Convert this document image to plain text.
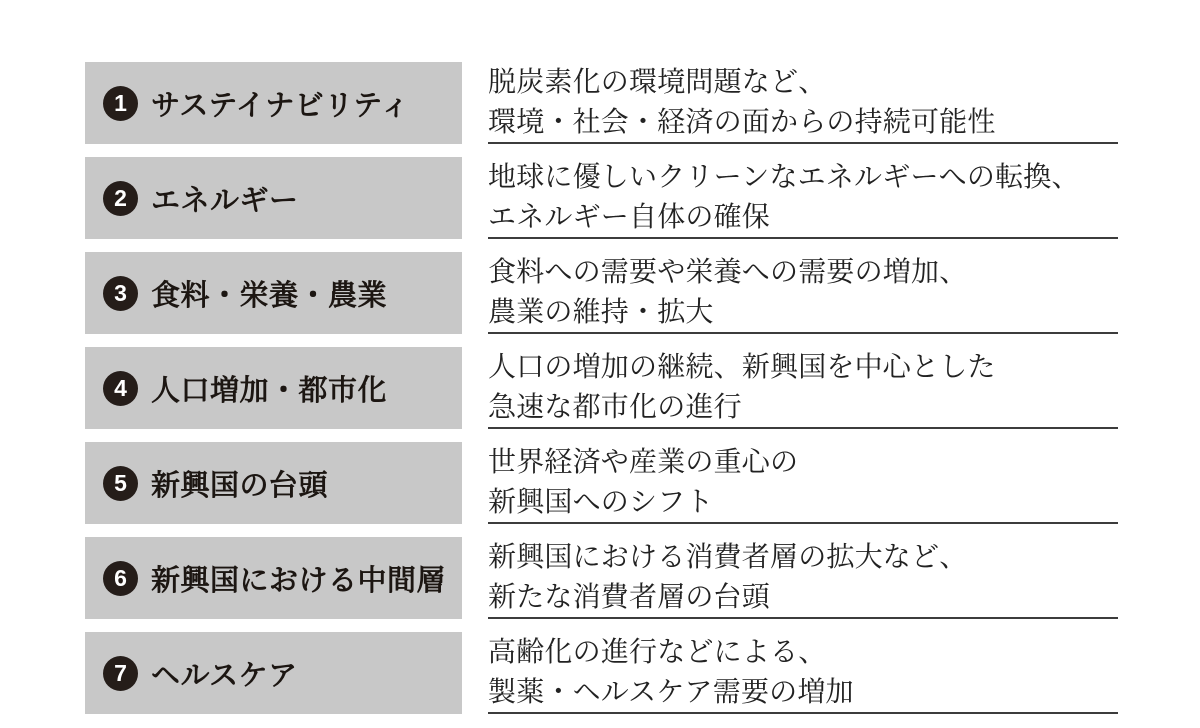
1 サステイナビリティ
脱炭素化の環境問題など、
環境・社会・経済の面からの持続可能性
2 エネルギー
地球に優しいクリーンなエネルギーへの転換、
エネルギー自体の確保
3 食料・栄養・農業
食料への需要や栄養への需要の増加、
農業の維持・拡大
4 人口増加・都市化
人口の増加の継続、新興国を中心とした
急速な都市化の進行
5 新興国の台頭
世界経済や産業の重心の
新興国へのシフト
6 新興国における中間層
新興国における消費者層の拡大など、
新たな消費者層の台頭
7 ヘルスケア
高齢化の進行などによる、
製薬・ヘルスケア需要の増加
